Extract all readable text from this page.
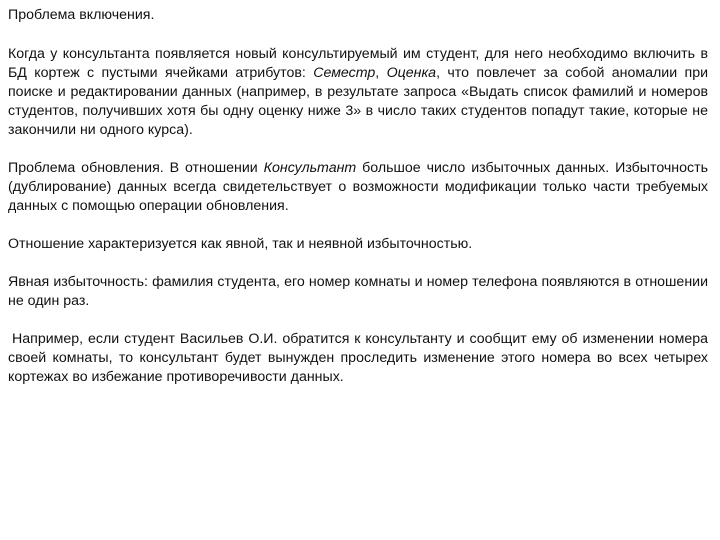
Проблема включения.

Когда у консультанта появляется новый консультируемый им студент, для него необходимо включить в БД кортеж с пустыми ячейками атрибутов: Семестр, Оценка, что повлечет за собой аномалии при поиске и редактировании данных (например, в результате запроса «Выдать список фамилий и номеров студентов, получивших хотя бы одну оценку ниже 3» в число таких студентов попадут такие, которые не закончили ни одного курса).

Проблема обновления. В отношении Консультант большое число избыточных данных. Избыточность (дублирование) данных всегда свидетельствует о возможности модификации только части требуемых данных с помощью операции обновления.

Отношение характеризуется как явной, так и неявной избыточностью.

Явная избыточность: фамилия студента, его номер комнаты и номер телефона появляются в отношении не один раз.

Например, если студент Васильев О.И. обратится к консультанту и сообщит ему об изменении номера своей комнаты, то консультант будет вынужден проследить изменение этого номера во всех четырех кортежах во избежание противоречивости данных.
